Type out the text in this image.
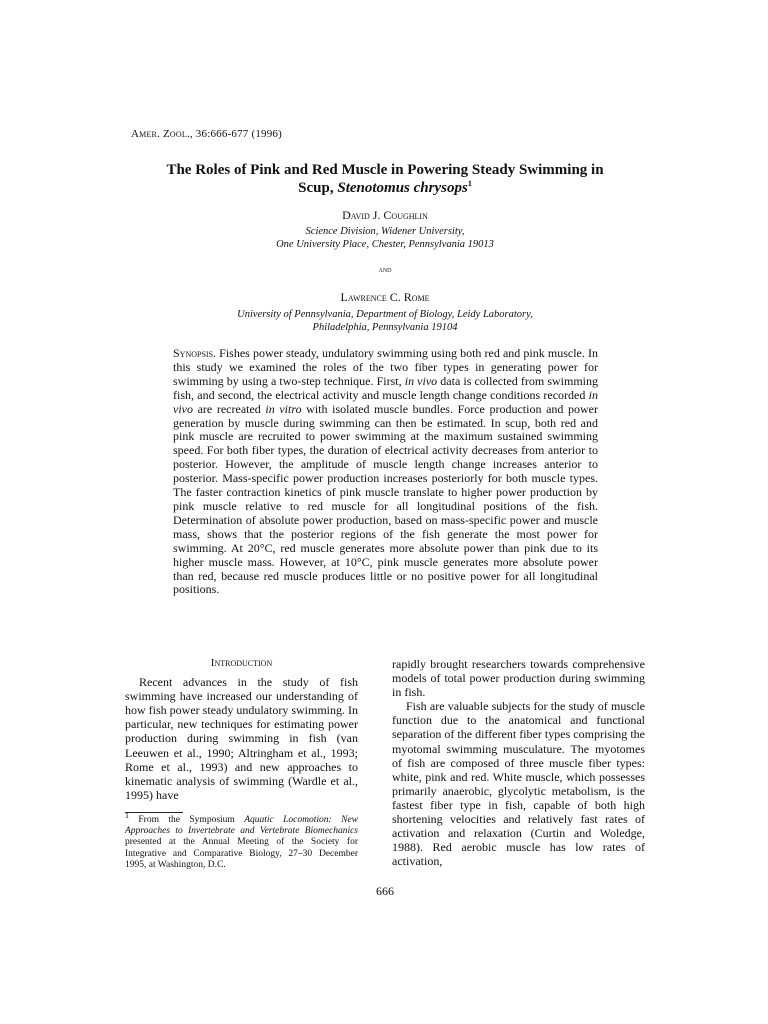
Amer. Zool., 36:666-677 (1996)
The Roles of Pink and Red Muscle in Powering Steady Swimming in
Scup, Stenotomus chrysops$^1$
David J. Coughlin
Science Division, Widener University,
One University Place, Chester, Pennsylvania 19013
and
Lawrence C. Rome
University of Pennsylvania, Department of Biology, Leidy Laboratory,
Philadelphia, Pennsylvania 19104
Synopsis. Fishes power steady, undulatory swimming using both red and pink muscle. In this study we examined the roles of the two fiber types in generating power for swimming by using a two-step technique. First, in vivo data is collected from swimming fish, and second, the electrical activity and muscle length change conditions recorded in vivo are recreated in vitro with isolated muscle bundles. Force production and power generation by muscle during swimming can then be estimated. In scup, both red and pink muscle are recruited to power swimming at the maximum sustained swimming speed. For both fiber types, the duration of electrical activity decreases from anterior to posterior. However, the amplitude of muscle length change increases anterior to posterior. Mass-specific power production increases posteriorly for both muscle types. The faster contraction kinetics of pink muscle translate to higher power production by pink muscle relative to red muscle for all longitudinal positions of the fish. Determination of absolute power production, based on mass-specific power and muscle mass, shows that the posterior regions of the fish generate the most power for swimming. At 20°C, red muscle generates more absolute power than pink due to its higher muscle mass. However, at 10°C, pink muscle generates more absolute power than red, because red muscle produces little or no positive power for all longitudinal positions.
Introduction

Recent advances in the study of fish swimming have increased our understanding of how fish power steady undulatory swimming. In particular, new techniques for estimating power production during swimming in fish (van Leeuwen et al., 1990; Altringham et al., 1993; Rome et al., 1993) and new approaches to kinematic analysis of swimming (Wardle et al., 1995) have

rapidly brought researchers towards comprehensive models of total power production during swimming in fish.

Fish are valuable subjects for the study of muscle function due to the anatomical and functional separation of the different fiber types comprising the myotomal swimming musculature. The myotomes of fish are composed of three muscle fiber types: white, pink and red. White muscle, which possesses primarily anaerobic, glycolytic metabolism, is the fastest fiber type in fish, capable of both high shortening velocities and relatively fast rates of activation and relaxation (Curtin and Woledge, 1988). Red aerobic muscle has low rates of activation,

$^1$ From the Symposium Aquatic Locomotion: New Approaches to Invertebrate and Vertebrate Biomechanics presented at the Annual Meeting of the Society for Integrative and Comparative Biology, 27–30 December 1995, at Washington, D.C.
666
